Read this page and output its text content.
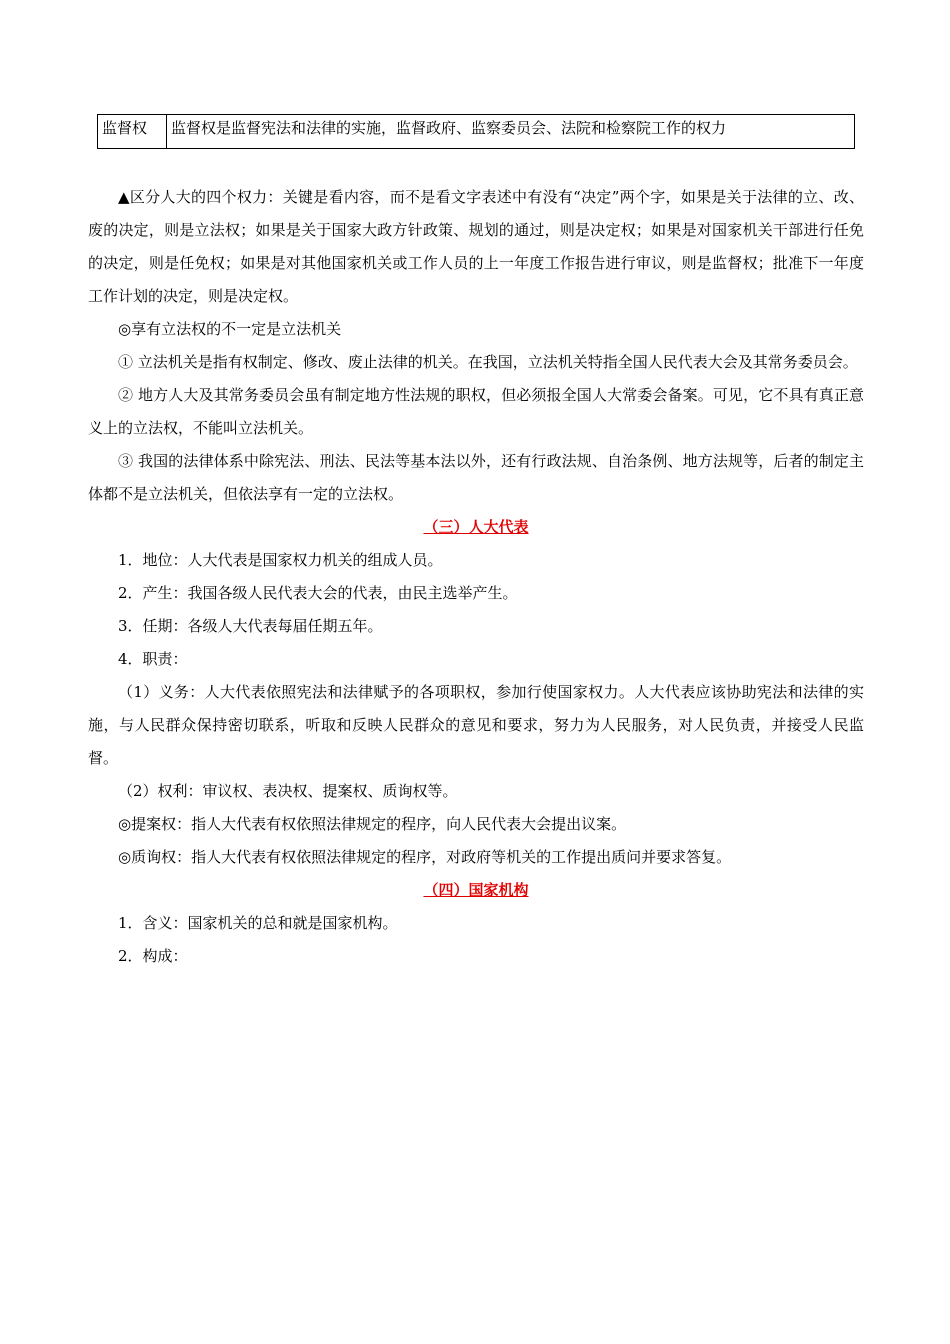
监督权	监督权是监督宪法和法律的实施，监督政府、监察委员会、法院和检察院工作的权力

▲区分人大的四个权力：关键是看内容，而不是看文字表述中有没有“决定”两个字，如果是关于法律的立、改、废的决定，则是立法权；如果是关于国家大政方针政策、规划的通过，则是决定权；如果是对国家机关干部进行任免的决定，则是任免权；如果是对其他国家机关或工作人员的上一年度工作报告进行审议，则是监督权；批准下一年度工作计划的决定，则是决定权。

◎享有立法权的不一定是立法机关

① 立法机关是指有权制定、修改、废止法律的机关。在我国，立法机关特指全国人民代表大会及其常务委员会。

② 地方人大及其常务委员会虽有制定地方性法规的职权，但必须报全国人大常委会备案。可见，它不具有真正意义上的立法权，不能叫立法机关。

③ 我国的法律体系中除宪法、刑法、民法等基本法以外，还有行政法规、自治条例、地方法规等，后者的制定主体都不是立法机关，但依法享有一定的立法权。

（三）人大代表

1．地位：人大代表是国家权力机关的组成人员。

2．产生：我国各级人民代表大会的代表，由民主选举产生。

3．任期：各级人大代表每届任期五年。

4．职责：

（1）义务：人大代表依照宪法和法律赋予的各项职权，参加行使国家权力。人大代表应该协助宪法和法律的实施，与人民群众保持密切联系，听取和反映人民群众的意见和要求，努力为人民服务，对人民负责，并接受人民监督。

（2）权利：审议权、表决权、提案权、质询权等。

◎提案权：指人大代表有权依照法律规定的程序，向人民代表大会提出议案。

◎质询权：指人大代表有权依照法律规定的程序，对政府等机关的工作提出质问并要求答复。

（四）国家机构

1．含义：国家机关的总和就是国家机构。

2．构成：
